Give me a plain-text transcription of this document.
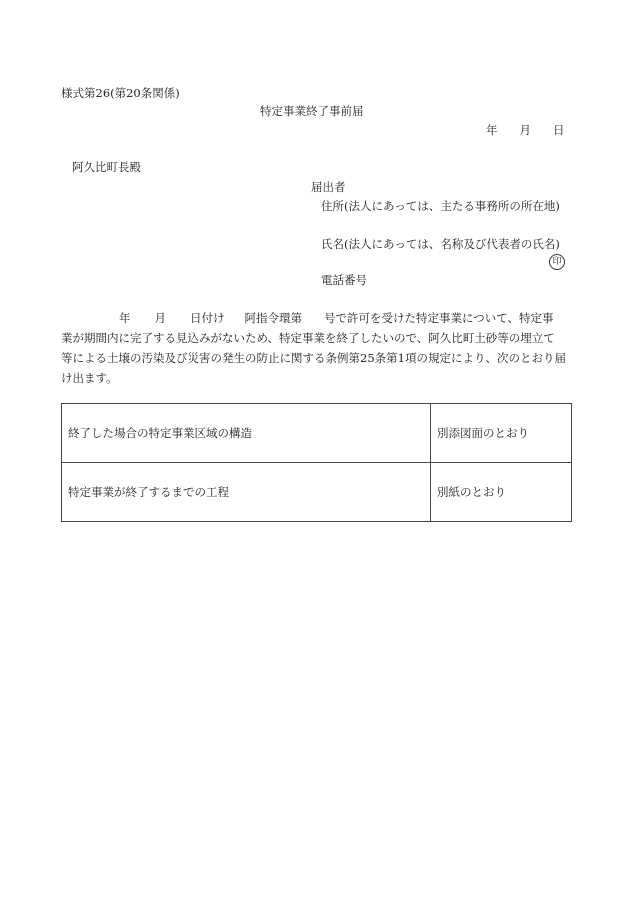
様式第26(第20条関係)
特定事業終了事前届
年 月 日
阿久比町長殿
届出者
住所(法人にあっては、主たる事務所の所在地)
氏名(法人にあっては、名称及び代表者の氏名)
印
電話番号
年 月 日付け 阿指令環第 号で許可を受けた特定事業について、特定事
業が期間内に完了する見込みがないため、特定事業を終了したいので、阿久比町土砂等の埋立て
等による土壌の汚染及び災害の発生の防止に関する条例第25条第1項の規定により、次のとおり届
け出ます。
終了した場合の特定事業区域の構造	別添図面のとおり
特定事業が終了するまでの工程	別紙のとおり
